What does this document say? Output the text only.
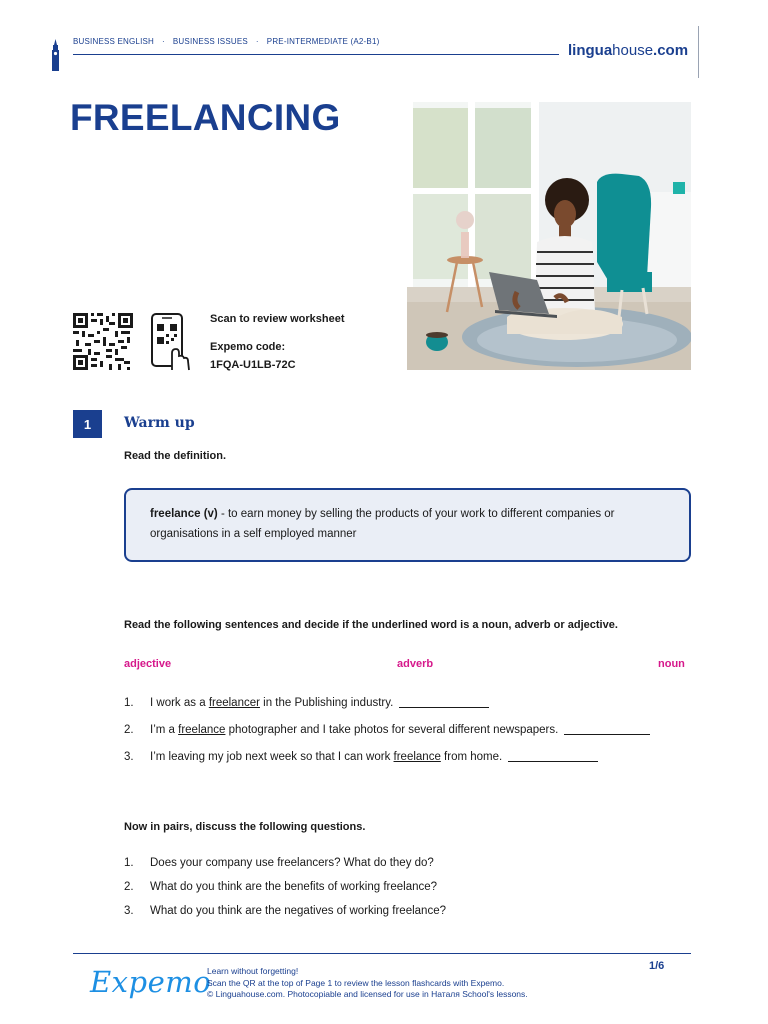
BUSINESS ENGLISH · BUSINESS ISSUES · PRE-INTERMEDIATE (A2-B1)
linguahouse.com
FREELANCING
Scan to review worksheet
Expemo code:
1FQA-U1LB-72C
1	Warm up
Read the definition.
freelance (v) - to earn money by selling the products of your work to different companies or organisations in a self employed manner
Read the following sentences and decide if the underlined word is a noun, adverb or adjective.
adjective	adverb	noun
1. I work as a freelancer in the Publishing industry.
2. I’m a freelance photographer and I take photos for several different newspapers.
3. I’m leaving my job next week so that I can work freelance from home.
Now in pairs, discuss the following questions.
1. Does your company use freelancers? What do they do?
2. What do you think are the benefits of working freelance?
3. What do you think are the negatives of working freelance?
Expemo
Learn without forgetting!
Scan the QR at the top of Page 1 to review the lesson flashcards with Expemo.
© Linguahouse.com. Photocopiable and licensed for use in Наталя School's lessons.
1/6
